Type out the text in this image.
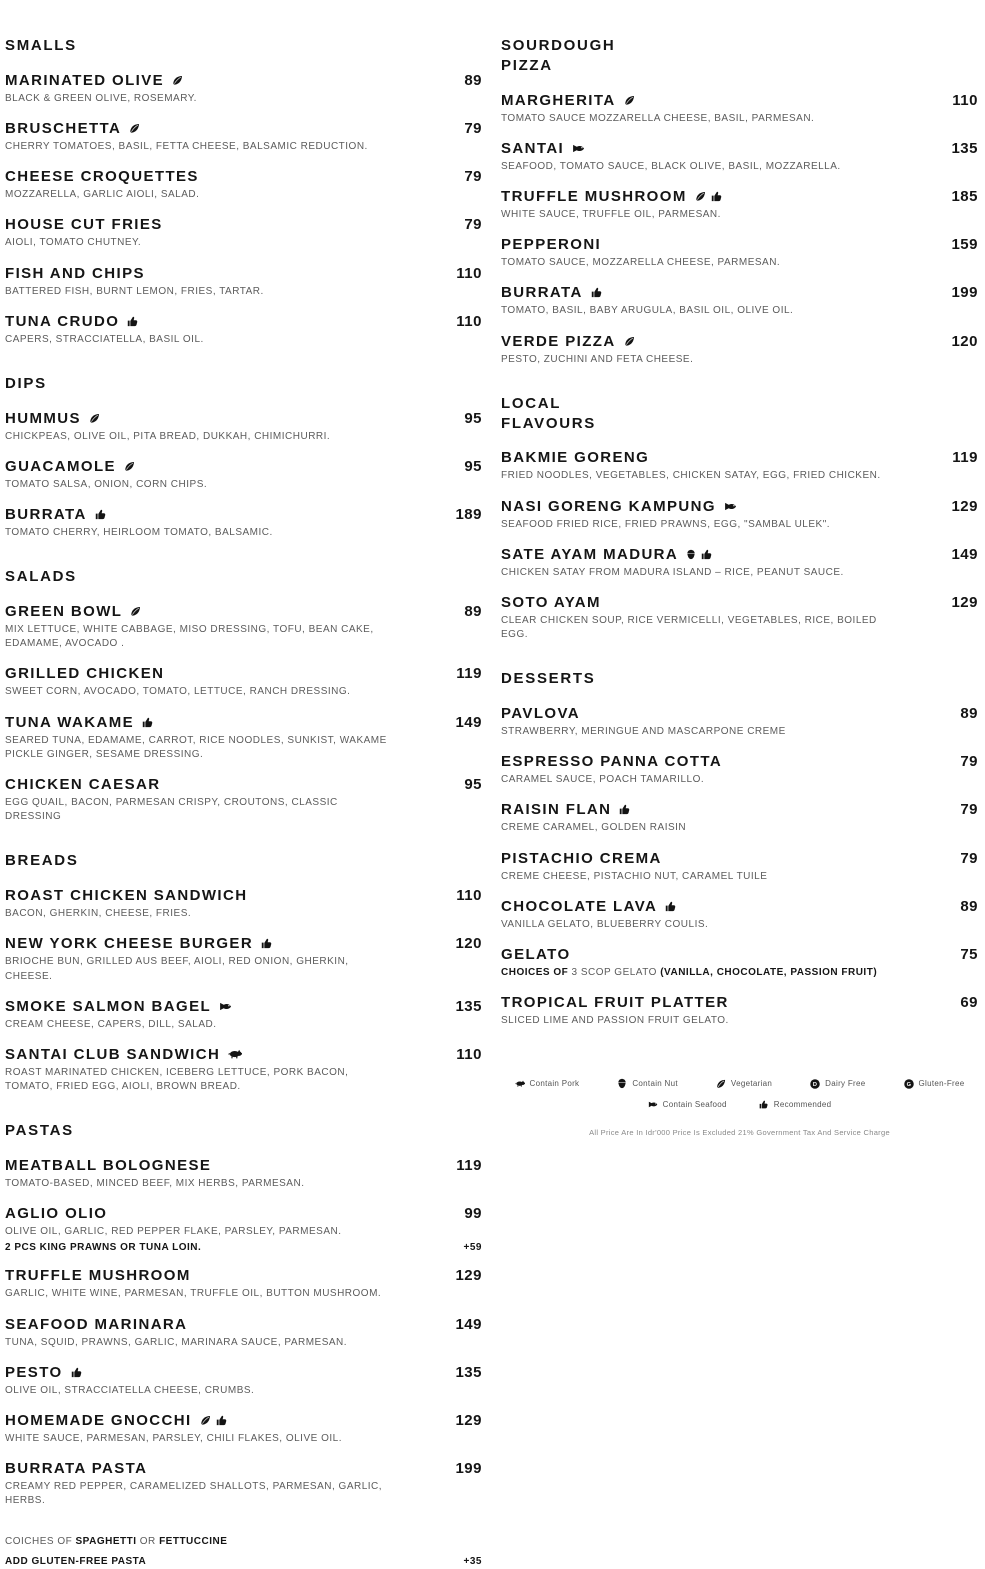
SMALLS
MARINATED OLIVE	89
BLACK & GREEN OLIVE, ROSEMARY.
BRUSCHETTA	79
CHERRY TOMATOES, BASIL, FETTA CHEESE, BALSAMIC REDUCTION.
CHEESE CROQUETTES	79
MOZZARELLA, GARLIC AIOLI, SALAD.
HOUSE CUT FRIES	79
AIOLI, TOMATO CHUTNEY.
FISH AND CHIPS	110
BATTERED FISH, BURNT LEMON, FRIES, TARTAR.
TUNA CRUDO	110
CAPERS, STRACCIATELLA, BASIL OIL.
DIPS
HUMMUS	95
CHICKPEAS, OLIVE OIL, PITA BREAD, DUKKAH, CHIMICHURRI.
GUACAMOLE	95
TOMATO SALSA, ONION, CORN CHIPS.
BURRATA	189
TOMATO CHERRY, HEIRLOOM TOMATO, BALSAMIC.
SALADS
GREEN BOWL	89
MIX LETTUCE, WHITE CABBAGE, MISO DRESSING, TOFU, BEAN CAKE, EDAMAME, AVOCADO .
GRILLED CHICKEN	119
SWEET CORN, AVOCADO, TOMATO, LETTUCE, RANCH DRESSING.
TUNA WAKAME	149
SEARED TUNA, EDAMAME, CARROT, RICE NOODLES, SUNKIST, WAKAME PICKLE GINGER, SESAME DRESSING.
CHICKEN CAESAR	95
EGG QUAIL, BACON, PARMESAN CRISPY, CROUTONS, CLASSIC DRESSING
BREADS
ROAST CHICKEN SANDWICH	110
BACON, GHERKIN, CHEESE, FRIES.
NEW YORK CHEESE BURGER	120
BRIOCHE BUN, GRILLED AUS BEEF, AIOLI, RED ONION, GHERKIN, CHEESE.
SMOKE SALMON BAGEL	135
CREAM CHEESE, CAPERS, DILL, SALAD.
SANTAI CLUB SANDWICH	110
ROAST MARINATED CHICKEN, ICEBERG LETTUCE, PORK BACON, TOMATO, FRIED EGG, AIOLI, BROWN BREAD.
PASTAS
MEATBALL BOLOGNESE	119
TOMATO-BASED, MINCED BEEF, MIX HERBS, PARMESAN.
AGLIO OLIO	99
OLIVE OIL, GARLIC, RED PEPPER FLAKE, PARSLEY, PARMESAN.
2 PCS KING PRAWNS OR TUNA LOIN.	+59
TRUFFLE MUSHROOM	129
GARLIC, WHITE WINE, PARMESAN, TRUFFLE OIL, BUTTON MUSHROOM.
SEAFOOD MARINARA	149
TUNA, SQUID, PRAWNS, GARLIC, MARINARA SAUCE, PARMESAN.
PESTO	135
OLIVE OIL, STRACCIATELLA CHEESE, CRUMBS.
HOMEMADE GNOCCHI	129
WHITE SAUCE, PARMESAN, PARSLEY, CHILI FLAKES, OLIVE OIL.
BURRATA PASTA	199
CREAMY RED PEPPER, CARAMELIZED SHALLOTS, PARMESAN, GARLIC, HERBS.
COICHES OF SPAGHETTI OR FETTUCCINE
ADD GLUTEN-FREE PASTA	+35
SOURDOUGH
PIZZA
MARGHERITA	110
TOMATO SAUCE MOZZARELLA CHEESE, BASIL, PARMESAN.
SANTAI	135
SEAFOOD, TOMATO SAUCE, BLACK OLIVE, BASIL, MOZZARELLA.
TRUFFLE MUSHROOM	185
WHITE SAUCE, TRUFFLE OIL, PARMESAN.
PEPPERONI	159
TOMATO SAUCE, MOZZARELLA CHEESE, PARMESAN.
BURRATA	199
TOMATO, BASIL, BABY ARUGULA, BASIL OIL, OLIVE OIL.
VERDE PIZZA	120
PESTO, ZUCHINI AND FETA CHEESE.
LOCAL
FLAVOURS
BAKMIE GORENG	119
FRIED NOODLES, VEGETABLES, CHICKEN SATAY, EGG, FRIED CHICKEN.
NASI GORENG KAMPUNG	129
SEAFOOD FRIED RICE, FRIED PRAWNS, EGG, "SAMBAL ULEK".
SATE AYAM MADURA	149
CHICKEN SATAY FROM MADURA ISLAND – RICE, PEANUT SAUCE.
SOTO AYAM	129
CLEAR CHICKEN SOUP, RICE VERMICELLI, VEGETABLES, RICE, BOILED EGG.
DESSERTS
PAVLOVA	89
STRAWBERRY, MERINGUE AND MASCARPONE CREME
ESPRESSO PANNA COTTA	79
CARAMEL SAUCE, POACH TAMARILLO.
RAISIN FLAN	79
CREME CARAMEL, GOLDEN RAISIN
PISTACHIO CREMA	79
CREME CHEESE, PISTACHIO NUT, CARAMEL TUILE
CHOCOLATE LAVA	89
VANILLA GELATO, BLUEBERRY COULIS.
GELATO	75
CHOICES OF 3 SCOP GELATO (VANILLA, CHOCOLATE, PASSION FRUIT)
TROPICAL FRUIT PLATTER	69
SLICED LIME AND PASSION FRUIT GELATO.
Contain Pork	Contain Nut	Vegetarian	D Dairy Free	G Gluten-Free
Contain Seafood	Recommended
All Price Are In Idr'000 Price Is Excluded 21% Government Tax And Service Charge
